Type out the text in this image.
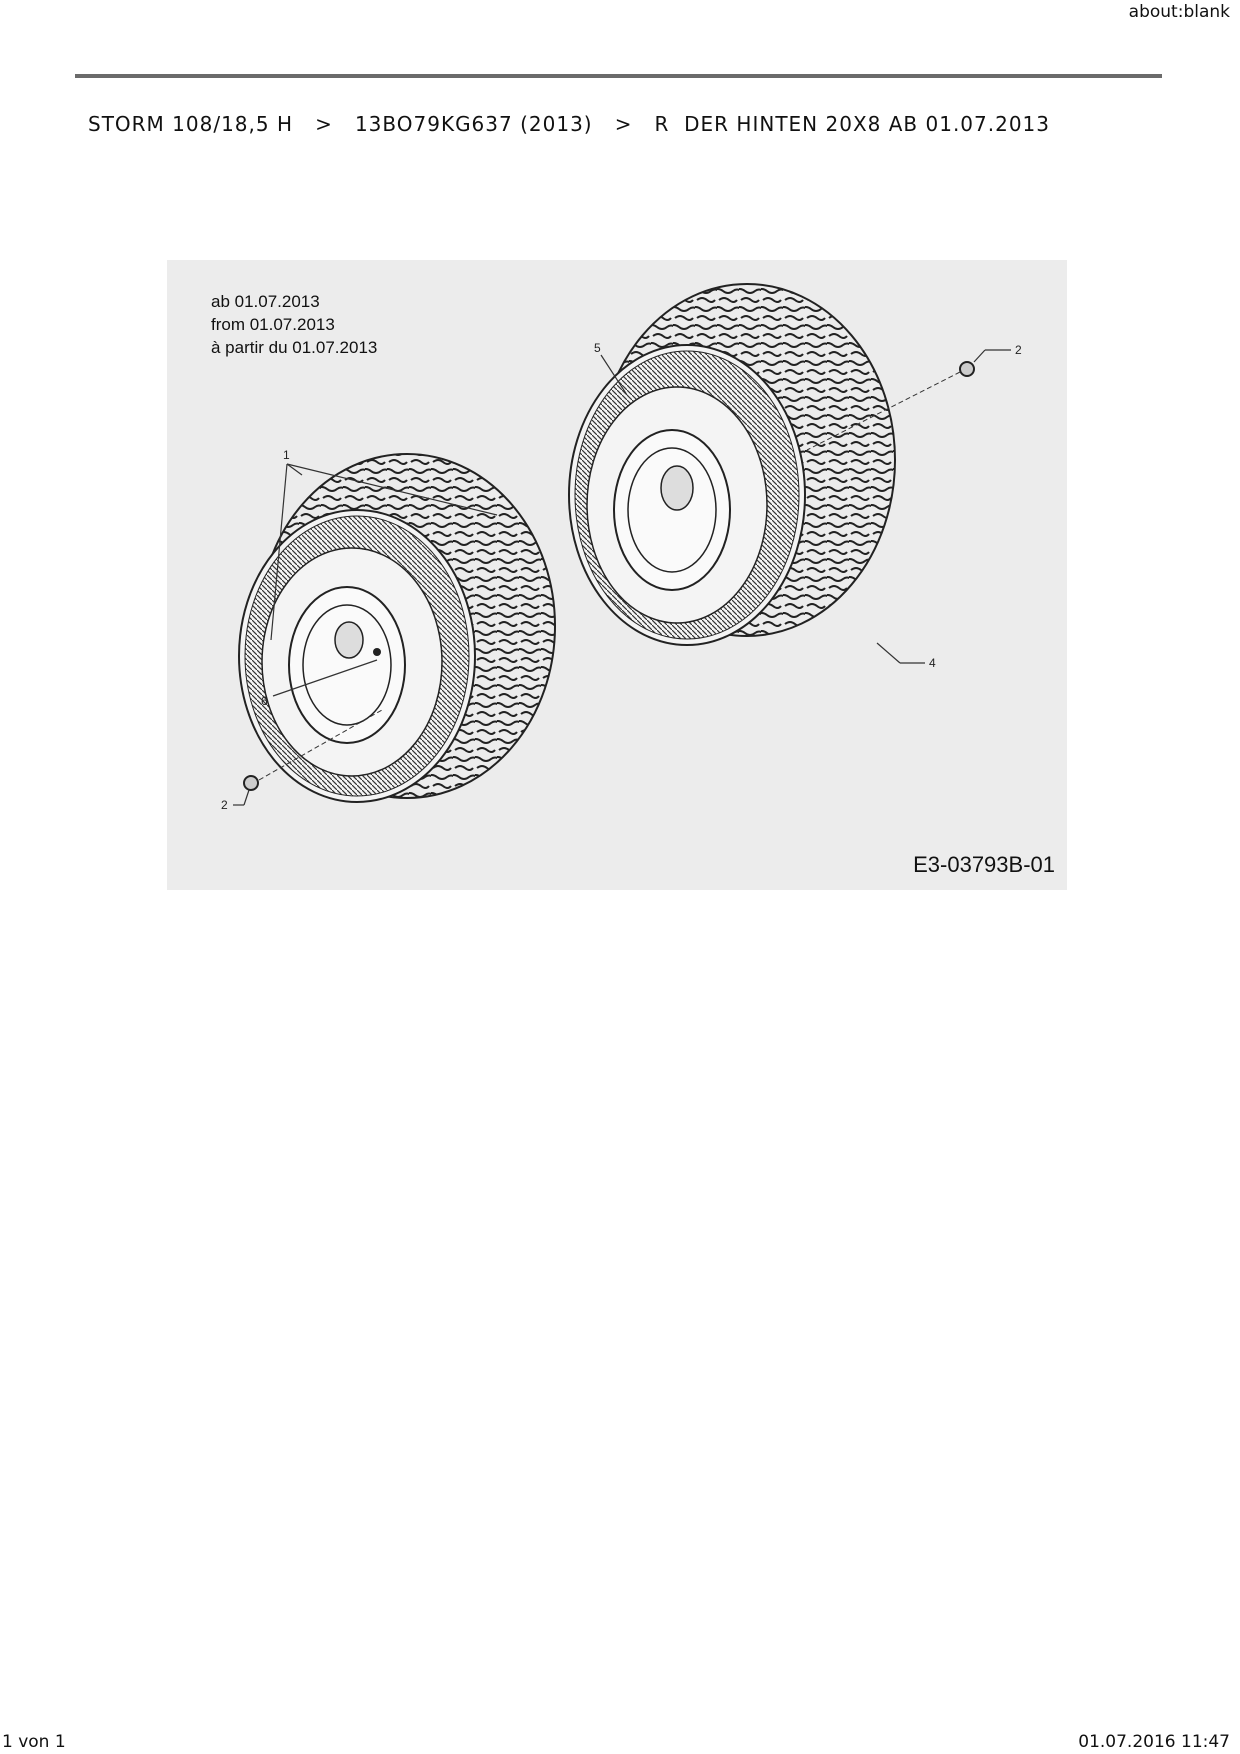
about:blank
STORM 108/18,5 H > 13BO79KG637 (2013) > R  DER HINTEN 20X8 AB 01.07.2013
ab 01.07.2013
from 01.07.2013
à partir du 01.07.2013
1
2
2
4
5
6
E3-03793B-01
1 von 1	01.07.2016 11:47
